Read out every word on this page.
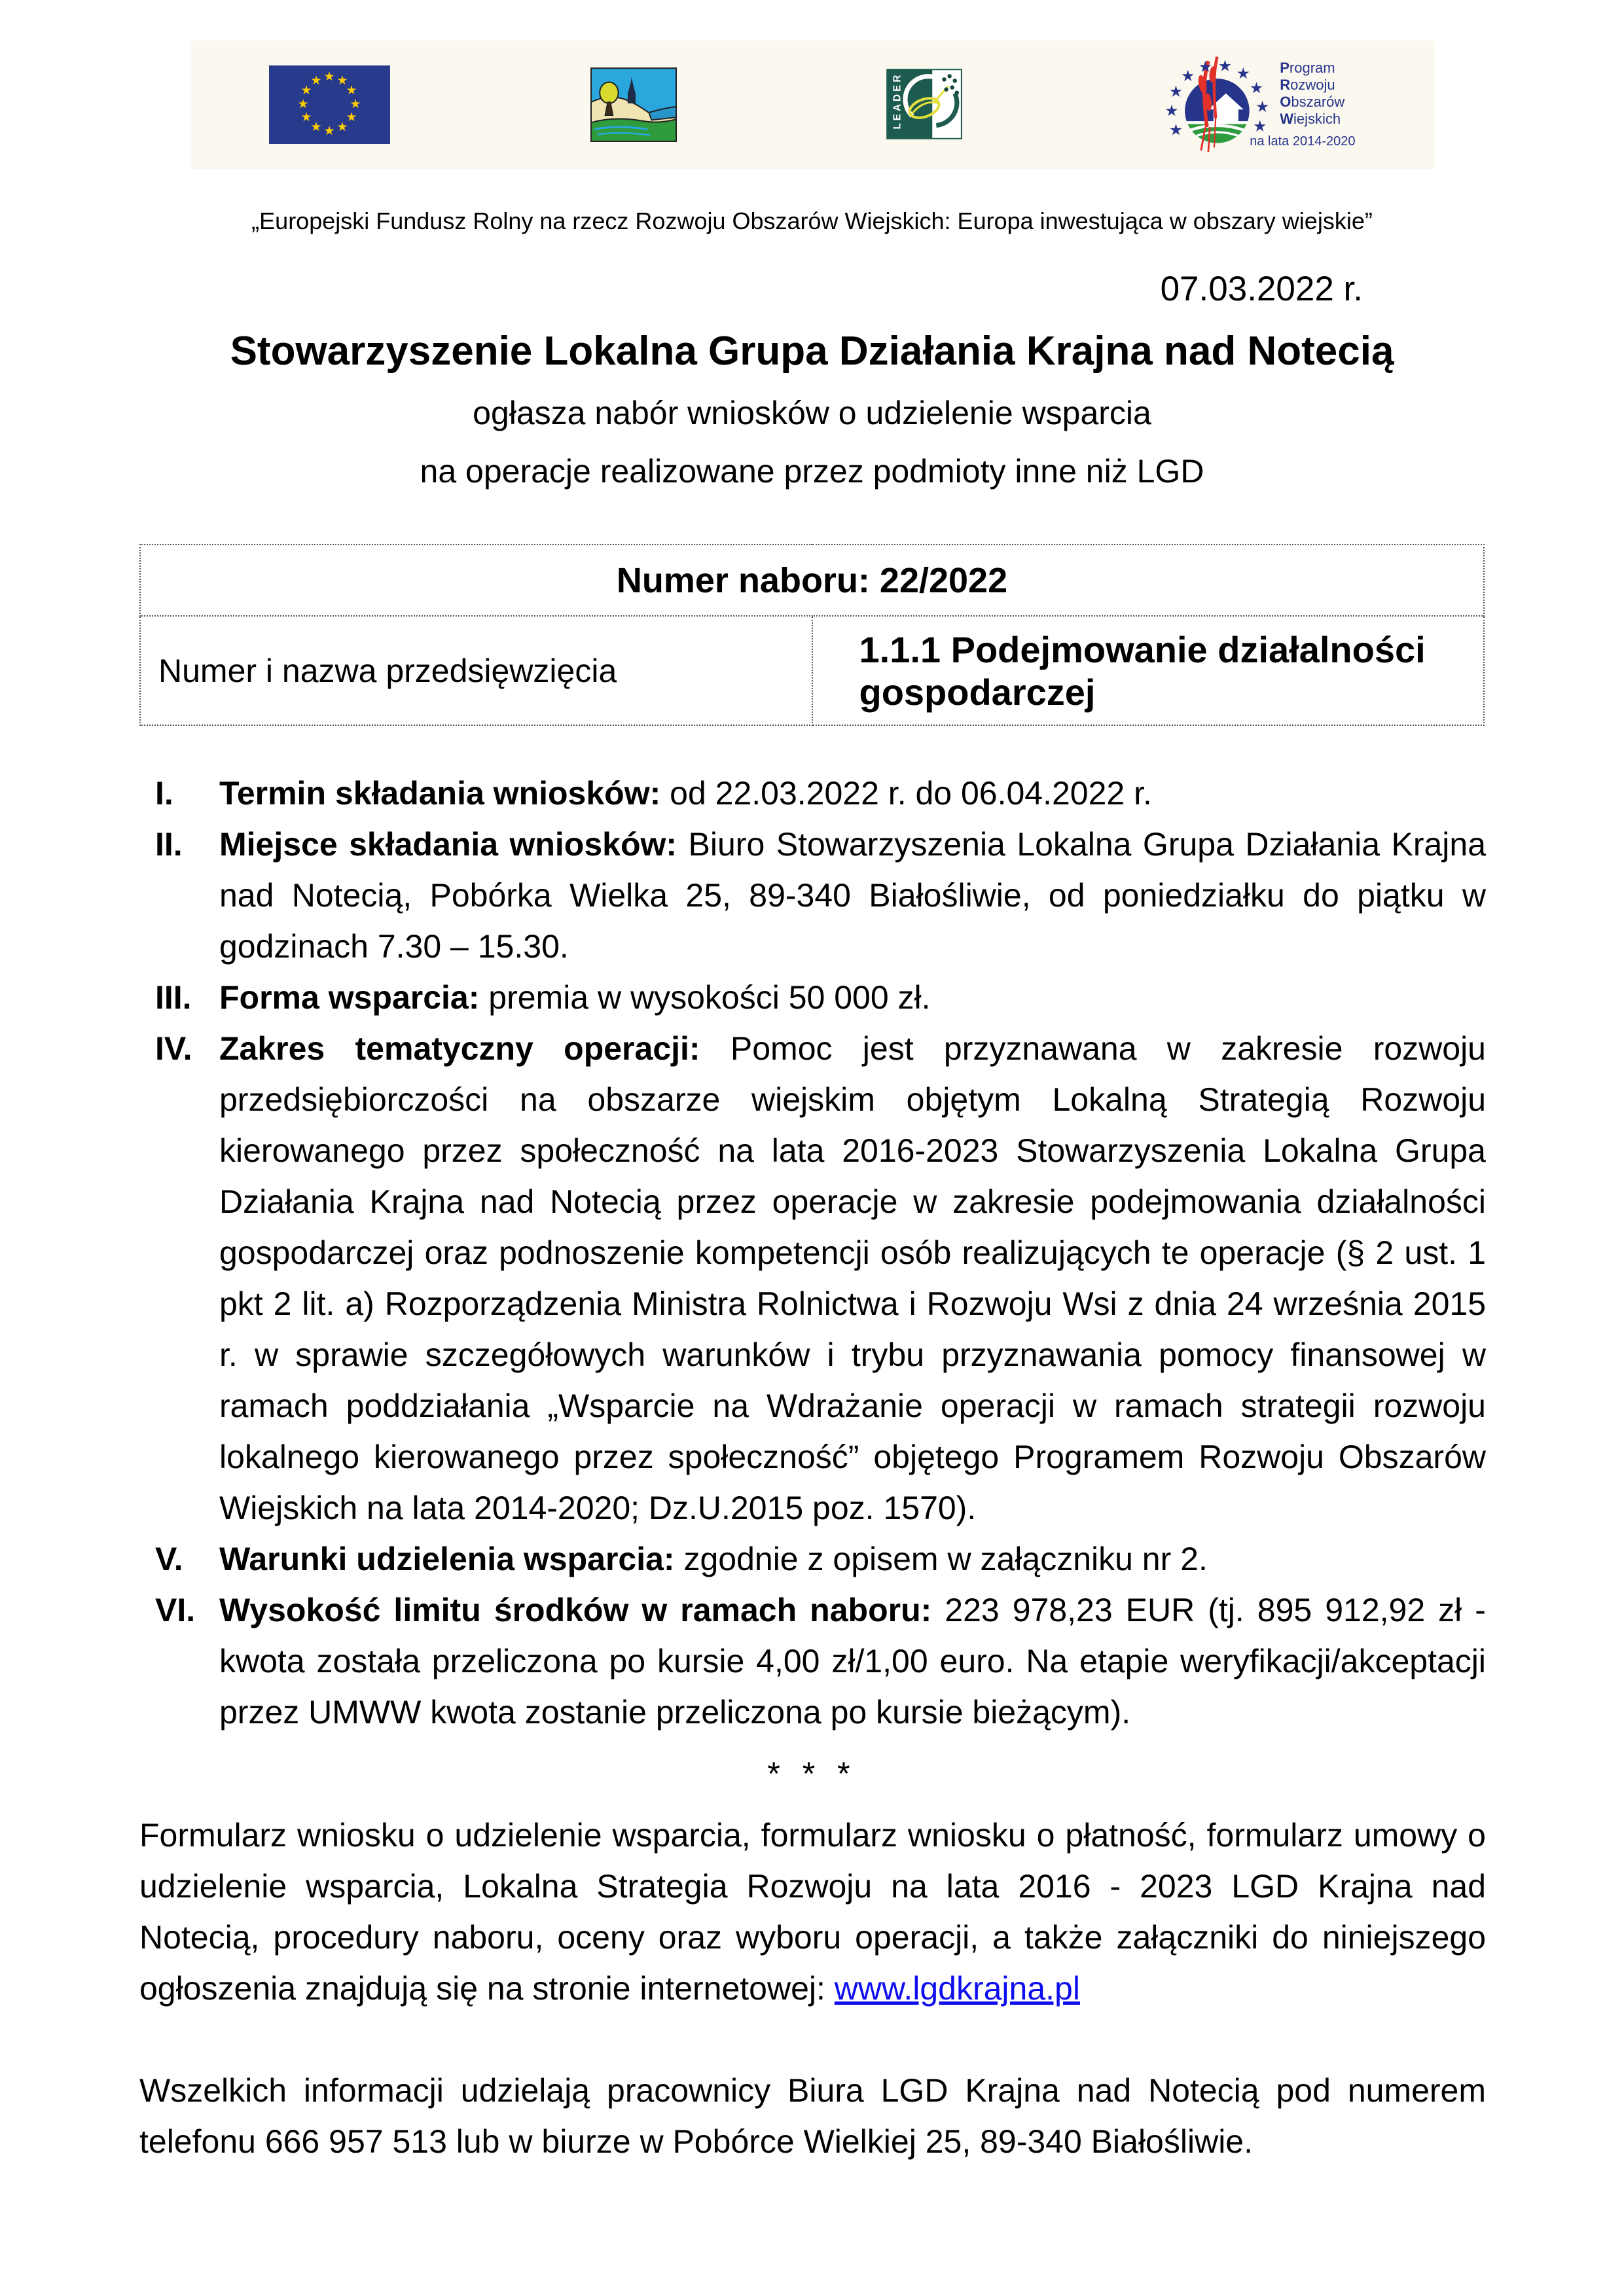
★
★
★
★
★
★
★
★
★
★
★
★
LEADER
Program
Rozwoju
Obszarów
Wiejskich
na lata 2014-2020
„Europejski Fundusz Rolny na rzecz Rozwoju Obszarów Wiejskich: Europa inwestująca w obszary wiejskie”
07.03.2022 r.
Stowarzyszenie Lokalna Grupa Działania Krajna nad Notecią
ogłasza nabór wniosków o udzielenie wsparcia
na operacje realizowane przez podmioty inne niż LGD
Numer naboru: 22/2022
Numer i nazwa przedsięwzięcia	1.1.1 Podejmowanie działalności gospodarczej
I.	Termin składania wniosków: od 22.03.2022 r. do 06.04.2022 r.
II.	Miejsce składania wniosków: Biuro Stowarzyszenia Lokalna Grupa Działania Krajna nad Notecią, Pobórka Wielka 25, 89-340 Białośliwie, od poniedziałku do piątku w godzinach 7.30 – 15.30.
III. Forma wsparcia: premia w wysokości 50 000 zł.
IV. Zakres tematyczny operacji: Pomoc jest przyznawana w zakresie rozwoju przedsiębiorczości na obszarze wiejskim objętym Lokalną Strategią Rozwoju kierowanego przez społeczność na lata 2016-2023 Stowarzyszenia Lokalna Grupa Działania Krajna nad Notecią przez operacje w zakresie podejmowania działalności gospodarczej oraz podnoszenie kompetencji osób realizujących te operacje (§ 2 ust. 1 pkt 2 lit. a) Rozporządzenia Ministra Rolnictwa i Rozwoju Wsi z dnia 24 września 2015 r. w sprawie szczegółowych warunków i trybu przyznawania pomocy finansowej w ramach poddziałania „Wsparcie na Wdrażanie operacji w ramach strategii rozwoju lokalnego kierowanego przez społeczność” objętego Programem Rozwoju Obszarów Wiejskich na lata 2014-2020; Dz.U.2015 poz. 1570).
V.	Warunki udzielenia wsparcia: zgodnie z opisem w załączniku nr 2.
VI. Wysokość limitu środków w ramach naboru: 223 978,23 EUR (tj. 895 912,92 zł - kwota została przeliczona po kursie 4,00 zł/1,00 euro. Na etapie weryfikacji/akceptacji przez UMWW kwota zostanie przeliczona po kursie bieżącym).
* * *

Formularz wniosku o udzielenie wsparcia, formularz wniosku o płatność, formularz umowy o udzielenie wsparcia, Lokalna Strategia Rozwoju na lata 2016 - 2023 LGD Krajna nad Notecią, procedury naboru, oceny oraz wyboru operacji, a także załączniki do niniejszego ogłoszenia znajdują się na stronie internetowej: www.lgdkrajna.pl

Wszelkich informacji udzielają pracownicy Biura LGD Krajna nad Notecią pod numerem telefonu 666 957 513 lub w biurze w Pobórce Wielkiej 25, 89-340 Białośliwie.
